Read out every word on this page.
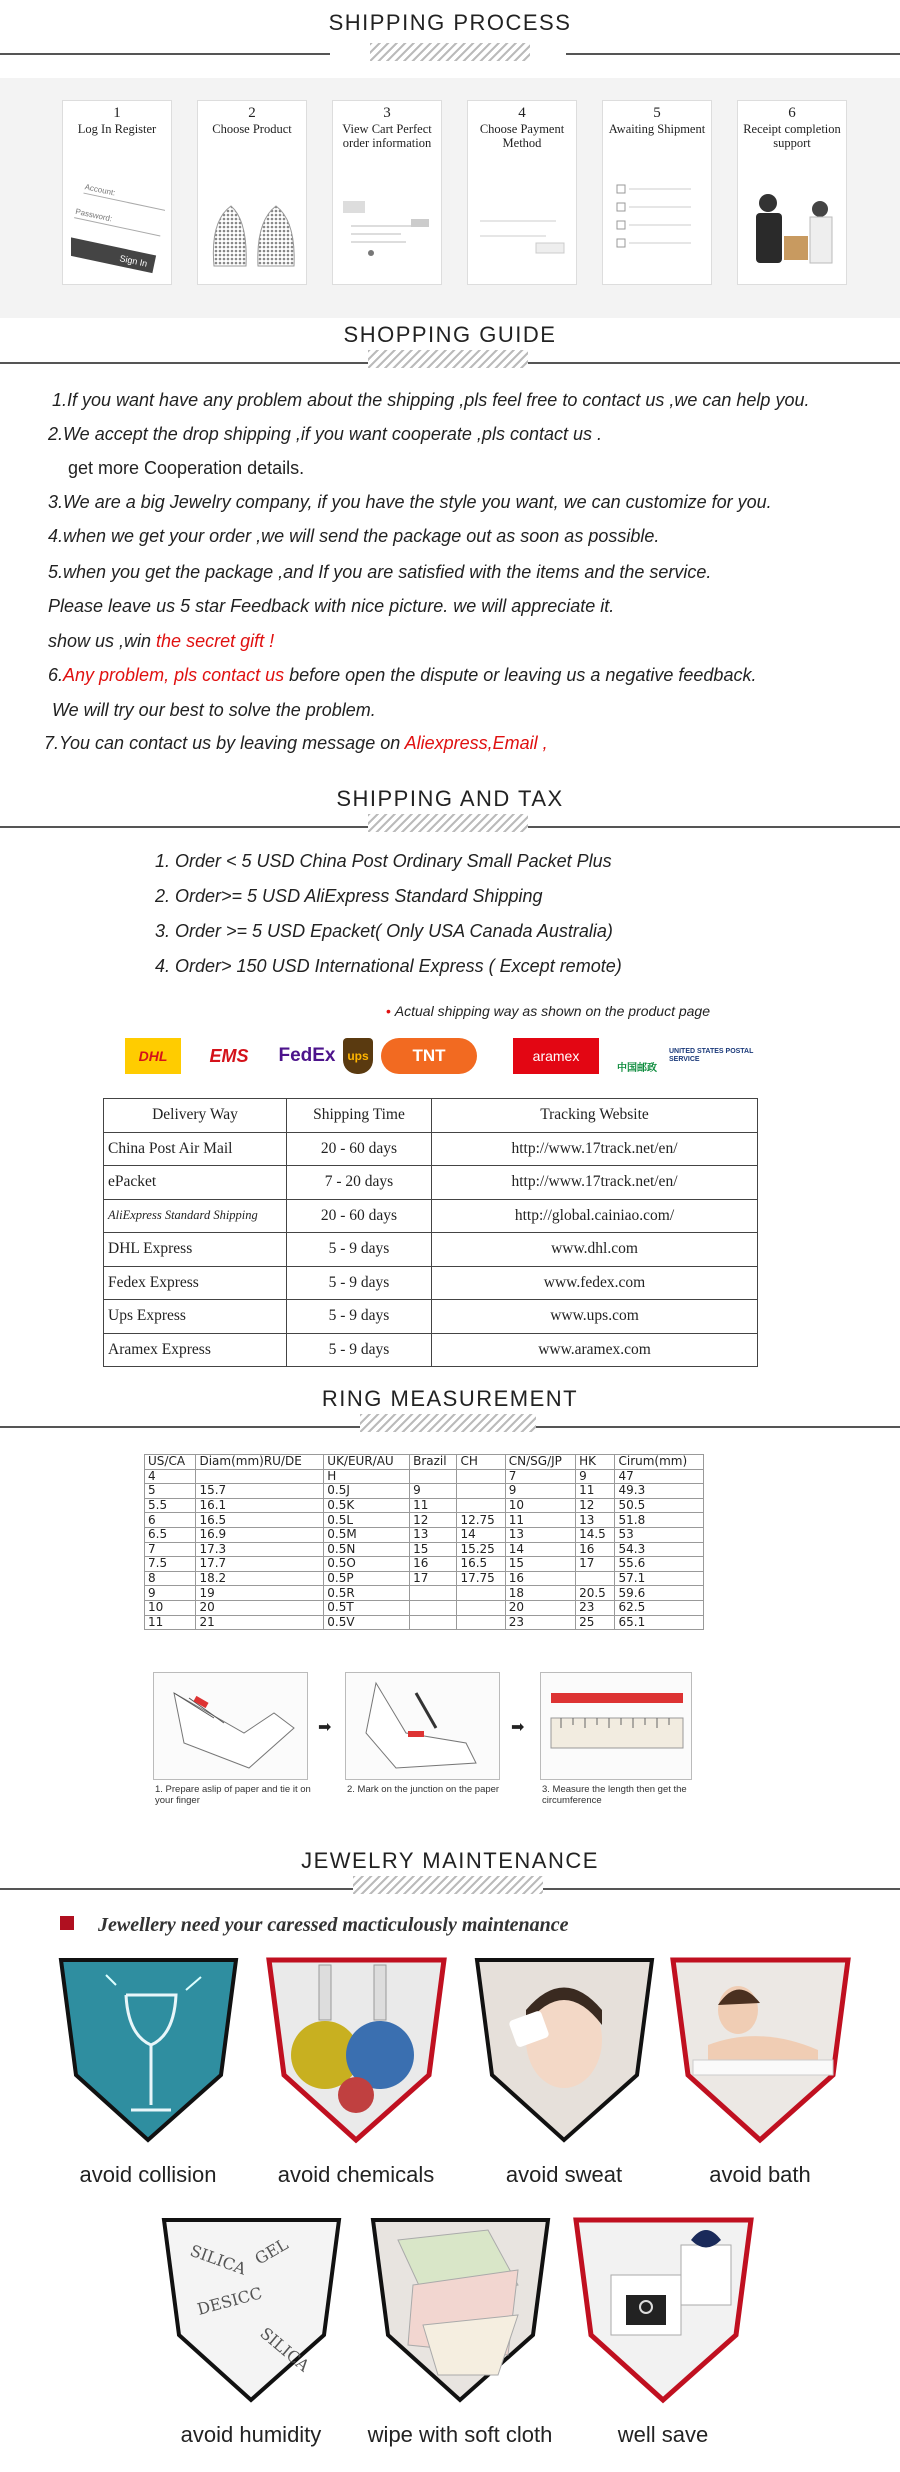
SHIPPING PROCESS
1
Log In Register
Account:
Password:
Sign In
2
Choose Product
3
View Cart Perfect order information
4
Choose Payment Method
5
Awaiting Shipment
6
Receipt completion support
SHOPPING GUIDE
1.If you want have any problem about the shipping ,pls feel free to contact us ,we can help you.
2.We accept the drop shipping ,if you want cooperate ,pls contact us .
get more Cooperation details.
3.We are a big Jewelry company, if you have the style you want, we can customize for you.
4.when we get your order ,we will send the package out as soon as possible.
5.when you get the package ,and If you are satisfied with the items and the service.
Please leave us 5 star Feedback with nice picture. we will appreciate it.
show us ,win the secret gift !
6.Any problem, pls contact us before open the dispute or leaving us a negative feedback.
We will try our best to solve the problem.
7.You can contact us by leaving message on Aliexpress,Email ,
SHIPPING AND TAX
1. Order < 5 USD China Post Ordinary Small Packet Plus
2. Order>= 5 USD AliExpress Standard Shipping
3. Order >= 5 USD Epacket( Only USA Canada Australia)
4. Order> 150 USD International Express ( Except remote)
• Actual shipping way as shown on the product page
DHL	EMS	FedEx ups	TNT	aramex
中国邮政
UNITED STATES POSTAL SERVICE
Delivery Way	Shipping Time	Tracking Website
China Post Air Mail	20 - 60 days	http://www.17track.net/en/
ePacket	7 - 20 days	http://www.17track.net/en/
AliExpress Standard Shipping	20 - 60 days	http://global.cainiao.com/
DHL Express	5 - 9 days	www.dhl.com
Fedex Express	5 - 9 days	www.fedex.com
Ups Express	5 - 9 days	www.ups.com
Aramex Express	5 - 9 days	www.aramex.com
RING MEASUREMENT
US/CA	Diam(mm)RU/DE	UK/EUR/AU	Brazil	CH	CN/SG/JP	HK	Cirum(mm)
4		H			7	9	47
5	15.7	0.5J	9		9	11	49.3
5.5	16.1	0.5K	11		10	12	50.5
6	16.5	0.5L	12	12.75	11	13	51.8
6.5	16.9	0.5M	13	14	13	14.5	53
7	17.3	0.5N	15	15.25	14	16	54.3
7.5	17.7	0.5O	16	16.5	15	17	55.6
8	18.2	0.5P	17	17.75	16		57.1
9	19	0.5R			18	20.5	59.6
10	20	0.5T			20	23	62.5
11	21	0.5V			23	25	65.1
➡	➡
1. Prepare aslip of paper and tie it on your finger
2. Mark on the junction on the paper	3. Measure the length then get the circumference
JEWELRY MAINTENANCE
Jewellery need your caressed macticulously maintenance
avoid collision	avoid chemicals	avoid sweat	avoid bath
SILICA GEL
DESICC
SILICA
avoid humidity	wipe with soft cloth	well save
